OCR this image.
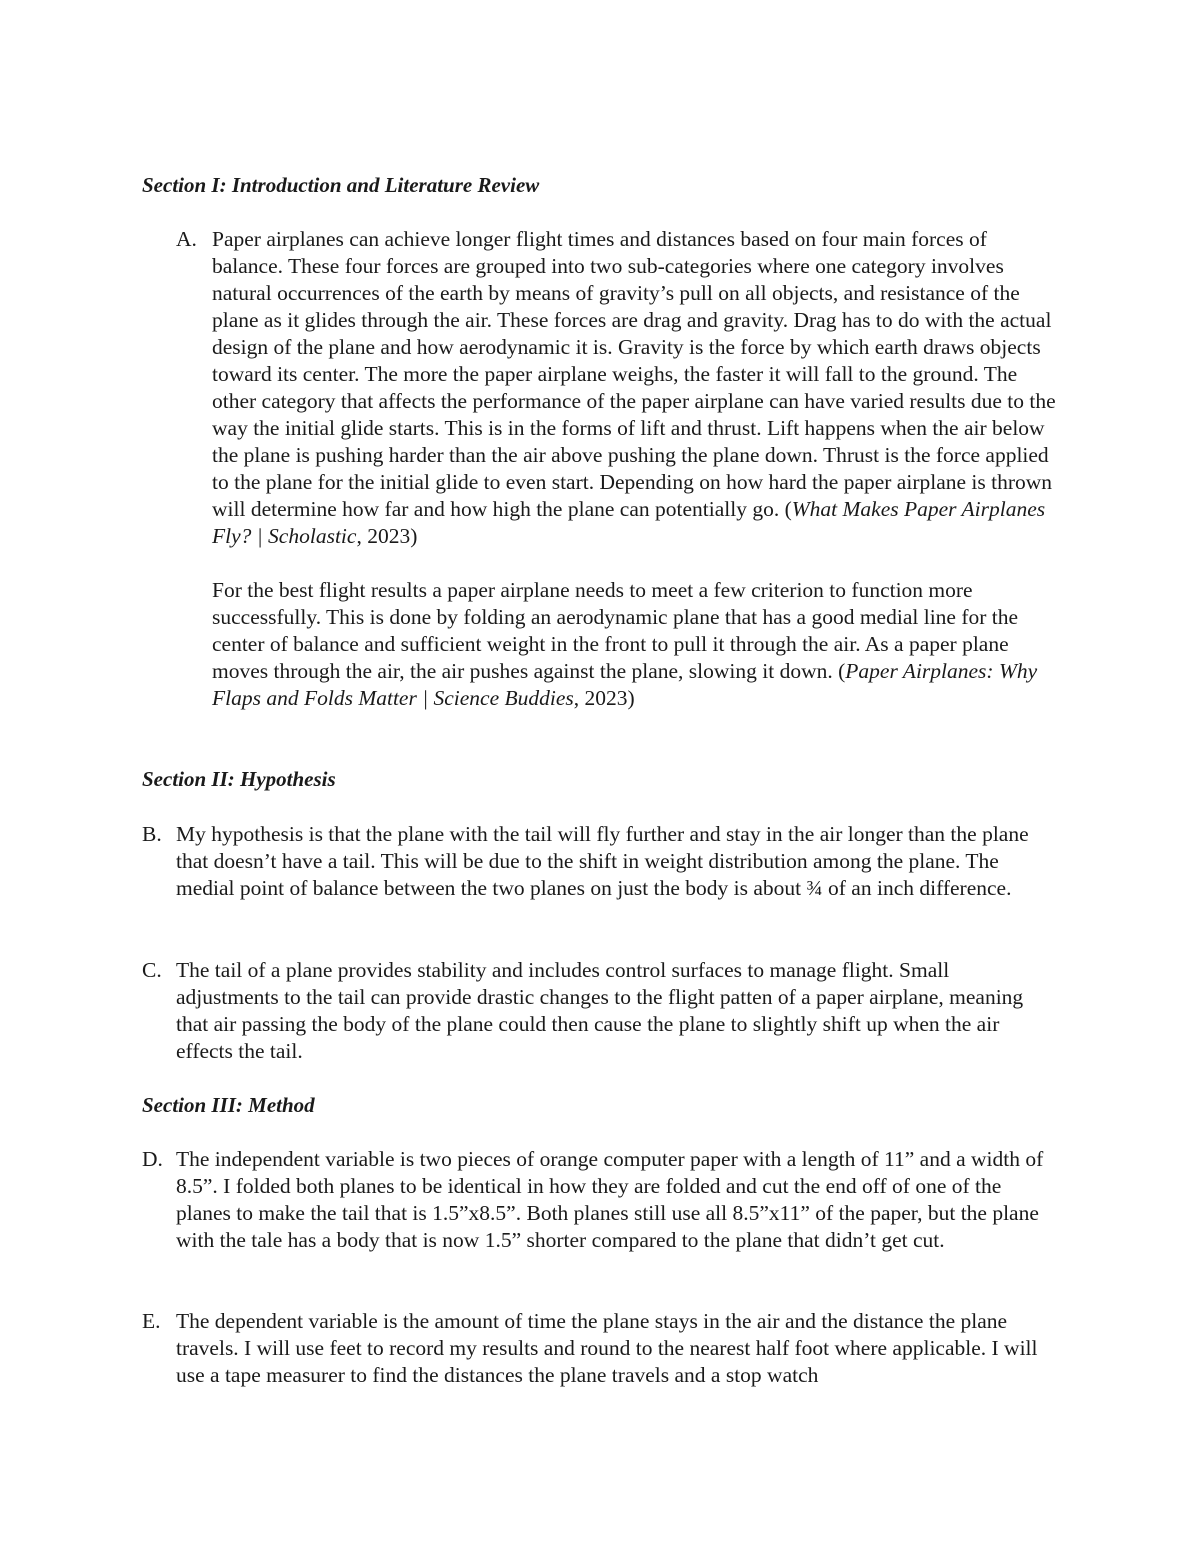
Section I: Introduction and Literature Review
A. Paper airplanes can achieve longer flight times and distances based on four main forces of balance. These four forces are grouped into two sub-categories where one category involves natural occurrences of the earth by means of gravity’s pull on all objects, and resistance of the plane as it glides through the air. These forces are drag and gravity. Drag has to do with the actual design of the plane and how aerodynamic it is. Gravity is the force by which earth draws objects toward its center. The more the paper airplane weighs, the faster it will fall to the ground. The other category that affects the performance of the paper airplane can have varied results due to the way the initial glide starts. This is in the forms of lift and thrust. Lift happens when the air below the plane is pushing harder than the air above pushing the plane down. Thrust is the force applied to the plane for the initial glide to even start. Depending on how hard the paper airplane is thrown will determine how far and how high the plane can potentially go. (What Makes Paper Airplanes Fly? | Scholastic, 2023)

For the best flight results a paper airplane needs to meet a few criterion to function more successfully. This is done by folding an aerodynamic plane that has a good medial line for the center of balance and sufficient weight in the front to pull it through the air. As a paper plane moves through the air, the air pushes against the plane, slowing it down. (Paper Airplanes: Why Flaps and Folds Matter | Science Buddies, 2023)

Section II: Hypothesis
B. My hypothesis is that the plane with the tail will fly further and stay in the air longer than the plane that doesn’t have a tail. This will be due to the shift in weight distribution among the plane. The medial point of balance between the two planes on just the body is about ¾ of an inch difference.

C. The tail of a plane provides stability and includes control surfaces to manage flight. Small adjustments to the tail can provide drastic changes to the flight patten of a paper airplane, meaning that air passing the body of the plane could then cause the plane to slightly shift up when the air effects the tail.

Section III: Method
D. The independent variable is two pieces of orange computer paper with a length of 11” and a width of 8.5”. I folded both planes to be identical in how they are folded and cut the end off of one of the planes to make the tail that is 1.5”x8.5”. Both planes still use all 8.5”x11” of the paper, but the plane with the tale has a body that is now 1.5” shorter compared to the plane that didn’t get cut.

E. The dependent variable is the amount of time the plane stays in the air and the distance the plane travels. I will use feet to record my results and round to the nearest half foot where applicable. I will use a tape measurer to find the distances the plane travels and a stop watch
